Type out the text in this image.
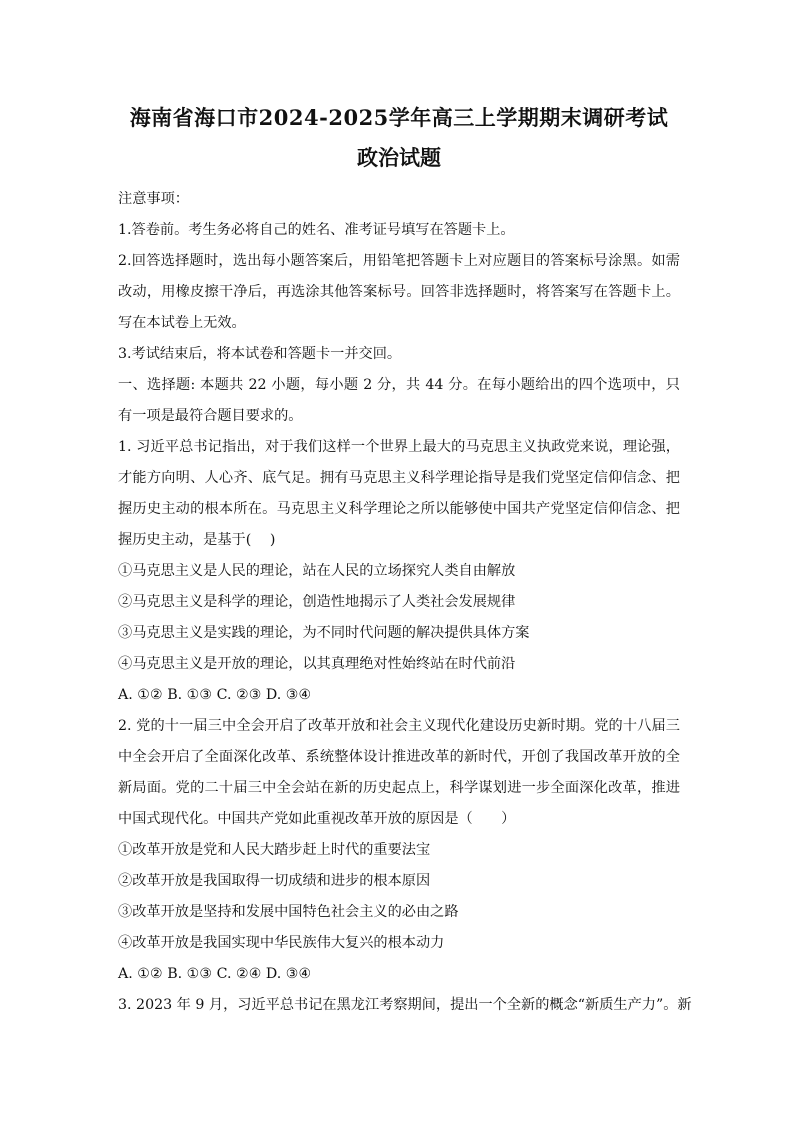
海南省海口市2024-2025学年高三上学期期末调研考试
政治试题

注意事项：

1.答卷前。考生务必将自己的姓名、准考证号填写在答题卡上。

2.回答选择题时，选出每小题答案后，用铅笔把答题卡上对应题目的答案标号涂黑。如需改动，用橡皮擦干净后，再选涂其他答案标号。回答非选择题时，将答案写在答题卡上。写在本试卷上无效。

3.考试结束后，将本试卷和答题卡一并交回。

一、选择题: 本题共 22 小题，每小题 2 分，共 44 分。在每小题给出的四个选项中，只有一项是最符合题目要求的。

1. 习近平总书记指出，对于我们这样一个世界上最大的马克思主义执政党来说，理论强，才能方向明、人心齐、底气足。拥有马克思主义科学理论指导是我们党坚定信仰信念、把握历史主动的根本所在。马克思主义科学理论之所以能够使中国共产党坚定信仰信念、把握历史主动，是基于(　 )

①马克思主义是人民的理论，站在人民的立场探究人类自由解放

②马克思主义是科学的理论，创造性地揭示了人类社会发展规律

③马克思主义是实践的理论，为不同时代问题的解决提供具体方案

④马克思主义是开放的理论，以其真理绝对性始终站在时代前沿

A. ①② B. ①③ C. ②③ D. ③④

2. 党的十一届三中全会开启了改革开放和社会主义现代化建设历史新时期。党的十八届三中全会开启了全面深化改革、系统整体设计推进改革的新时代，开创了我国改革开放的全新局面。党的二十届三中全会站在新的历史起点上，科学谋划进一步全面深化改革，推进中国式现代化。中国共产党如此重视改革开放的原因是（　　）

①改革开放是党和人民大踏步赶上时代的重要法宝

②改革开放是我国取得一切成绩和进步的根本原因

③改革开放是坚持和发展中国特色社会主义的必由之路

④改革开放是我国实现中华民族伟大复兴的根本动力

A. ①② B. ①③ C. ②④ D. ③④

3. 2023 年 9 月，习近平总书记在黑龙江考察期间，提出一个全新的概念“新质生产力”。新
